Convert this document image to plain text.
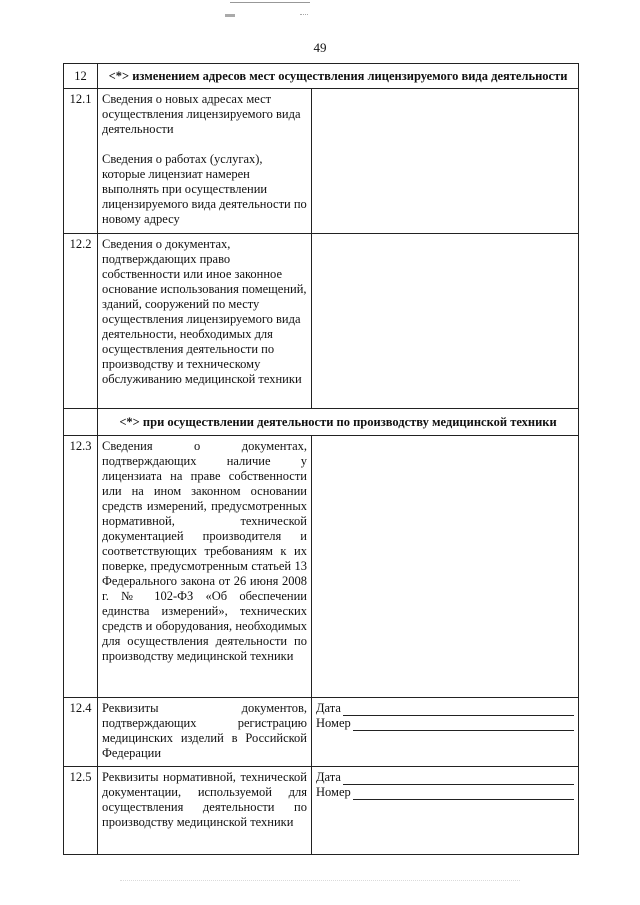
49
12	<*> изменением адресов мест осуществления лицензируемого вида деятельности	
12.1	Сведения о новых адресах мест осуществления лицензируемого вида деятельности
Сведения о работах (услугах), которые лицензиат намерен выполнять при осуществлении лицензируемого вида деятельности по новому адресу	

12.2	Сведения о документах, подтверждающих право собственности или иное законное основание использования помещений, зданий, сооружений по месту осуществления лицензируемого вида деятельности, необходимых для осуществления деятельности по производству и техническому обслуживанию медицинской техники	

	<*> при осуществлении деятельности по производству медицинской техники	
12.3	Сведения о документах, подтверждающих наличие у лицензиата на праве собственности или на ином законном основании средств измерений, предусмотренных нормативной, технической документацией производителя и соответствующих требованиям к их поверке, предусмотренным статьей 13 Федерального закона от 26 июня 2008 г. № 102-ФЗ «Об обеспечении единства измерений», технических средств и оборудования, необходимых для осуществления деятельности по производству медицинской техники	
12.4	Реквизиты документов, подтверждающих регистрацию медицинских изделий в Российской Федерации	Дата
Номер

12.5	Реквизиты нормативной, технической документации, используемой для осуществления деятельности по производству медицинской техники	Дата
Номер
